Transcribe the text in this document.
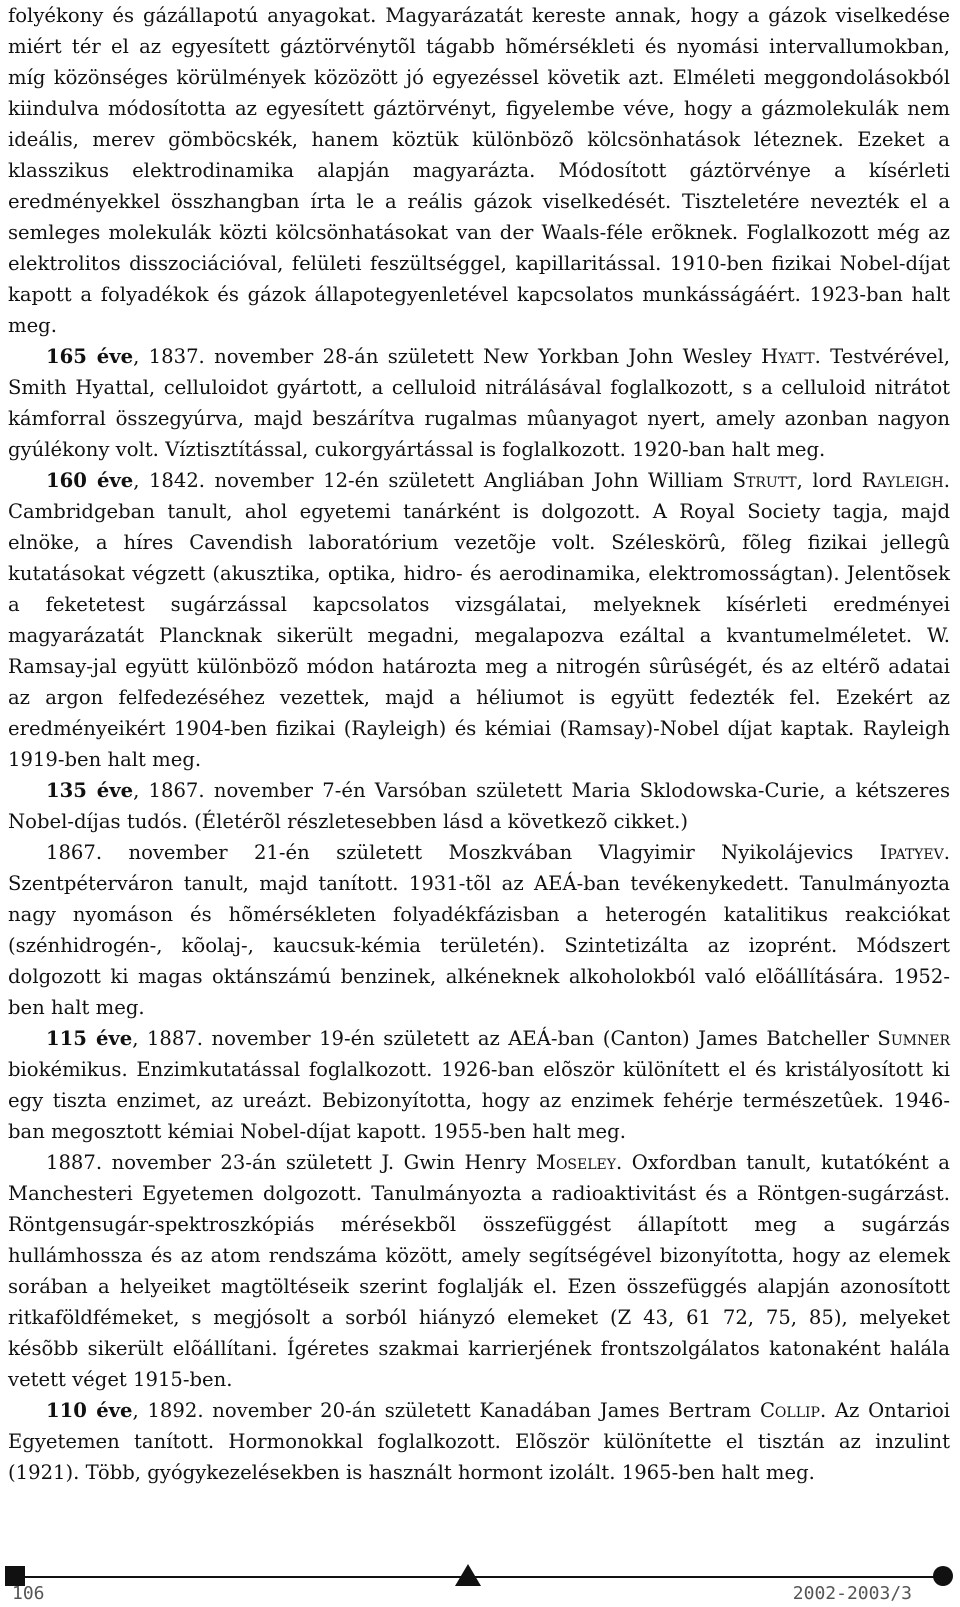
folyékony és gázállapotú anyagokat. Magyarázatát kereste annak, hogy a gázok viselkedése miért tér el az egyesített gáztörvénytõl tágabb hõmérsékleti és nyomási intervallumokban, míg közönséges körülmények közözött jó egyezéssel követik azt. Elméleti meggondolásokból kiindulva módosította az egyesített gáztörvényt, figyelembe véve, hogy a gázmolekulák nem ideális, merev gömböcskék, hanem köztük különbözõ kölcsönhatások léteznek. Ezeket a klasszikus elektrodinamika alapján magyarázta. Módosított gáztörvénye a kísérleti eredményekkel összhangban írta le a reális gázok viselkedését. Tiszteletére nevezték el a semleges molekulák közti kölcsönhatásokat van der Waals-féle erõknek. Foglalkozott még az elektrolitos disszociációval, felületi feszültséggel, kapillaritással. 1910-ben fizikai Nobel-díjat kapott a folyadékok és gázok állapotegyenletével kapcsolatos munkásságáért. 1923-ban halt meg.

165 éve, 1837. november 28-án született New Yorkban John Wesley Hyatt. Testvérével, Smith Hyattal, celluloidot gyártott, a celluloid nitrálásával foglalkozott, s a celluloid nitrátot kámforral összegyúrva, majd beszárítva rugalmas mûanyagot nyert, amely azonban nagyon gyúlékony volt. Víztisztítással, cukorgyártással is foglalkozott. 1920-ban halt meg.

160 éve, 1842. november 12-én született Angliában John William Strutt, lord Rayleigh. Cambridgeban tanult, ahol egyetemi tanárként is dolgozott. A Royal Society tagja, majd elnöke, a híres Cavendish laboratórium vezetõje volt. Széleskörû, fõleg fizikai jellegû kutatásokat végzett (akusztika, optika, hidro- és aerodinamika, elektromosságtan). Jelentõsek a feketetest sugárzással kapcsolatos vizsgálatai, melyeknek kísérleti eredményei magyarázatát Plancknak sikerült megadni, megalapozva ezáltal a kvantumelméletet. W. Ramsay-jal együtt különbözõ módon határozta meg a nitrogén sûrûségét, és az eltérõ adatai az argon felfedezéséhez vezettek, majd a héliumot is együtt fedezték fel. Ezekért az eredményeikért 1904-ben fizikai (Rayleigh) és kémiai (Ramsay)-Nobel díjat kaptak. Rayleigh 1919-ben halt meg.

135 éve, 1867. november 7-én Varsóban született Maria Sklodowska-Curie, a kétszeres Nobel-díjas tudós. (Életérõl részletesebben lásd a következõ cikket.)

1867. november 21-én született Moszkvában Vlagyimir Nyikolájevics Ipatyev. Szentpéterváron tanult, majd tanított. 1931-tõl az AEÁ-ban tevékenykedett. Tanulmányozta nagy nyomáson és hõmérsékleten folyadékfázisban a heterogén katalitikus reakciókat (szénhidrogén-, kõolaj-, kaucsuk-kémia területén). Szintetizálta az izoprént. Módszert dolgozott ki magas oktánszámú benzinek, alkéneknek alkoholokból való elõállítására. 1952-ben halt meg.

115 éve, 1887. november 19-én született az AEÁ-ban (Canton) James Batcheller Sumner biokémikus. Enzimkutatással foglalkozott. 1926-ban elõször különített el és kristályosított ki egy tiszta enzimet, az ureázt. Bebizonyította, hogy az enzimek fehérje természetûek. 1946-ban megosztott kémiai Nobel-díjat kapott. 1955-ben halt meg.

1887. november 23-án született J. Gwin Henry Moseley. Oxfordban tanult, kutatóként a Manchesteri Egyetemen dolgozott. Tanulmányozta a radioaktivitást és a Röntgen-sugárzást. Röntgensugár-spektroszkópiás mérésekbõl összefüggést állapított meg a sugárzás hullámhossza és az atom rendszáma között, amely segítségével bizonyította, hogy az elemek sorában a helyeiket magtöltéseik szerint foglalják el. Ezen összefüggés alapján azonosított ritkaföldfémeket, s megjósolt a sorból hiányzó elemeket (Z 43, 61 72, 75, 85), melyeket késõbb sikerült elõállítani. Ígéretes szakmai karrierjének frontszolgálatos katonaként halála vetett véget 1915-ben.

110 éve, 1892. november 20-án született Kanadában James Bertram Collip. Az Ontarioi Egyetemen tanított. Hormonokkal foglalkozott. Elõször különítette el tisztán az inzulint (1921). Több, gyógykezelésekben is használt hormont izolált. 1965-ben halt meg.

106	2002-2003/3
